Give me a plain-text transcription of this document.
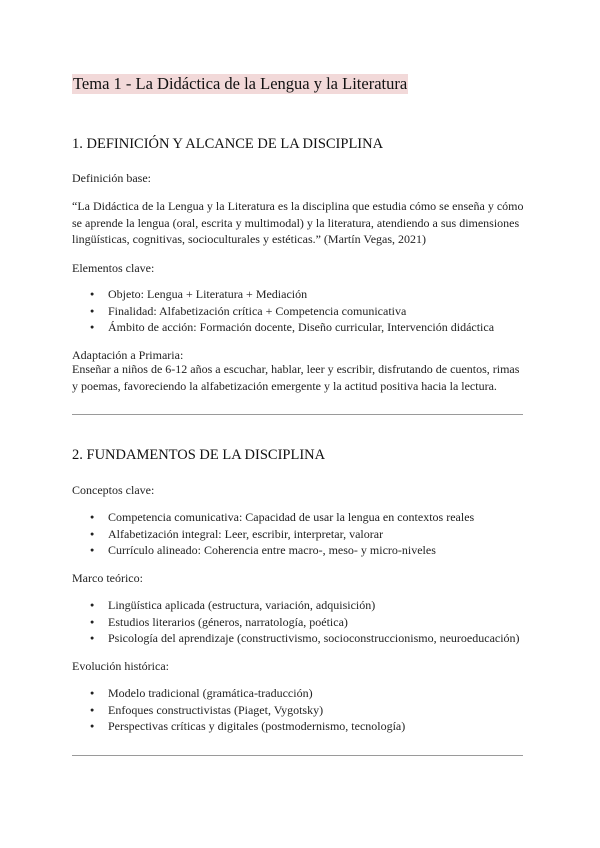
Tema 1 - La Didáctica de la Lengua y la Literatura
1. DEFINICIÓN Y ALCANCE DE LA DISCIPLINA
Definición base:
“La Didáctica de la Lengua y la Literatura es la disciplina que estudia cómo se enseña y cómo se aprende la lengua (oral, escrita y multimodal) y la literatura, atendiendo a sus dimensiones lingüísticas, cognitivas, socioculturales y estéticas.” (Martín Vegas, 2021)
Elementos clave:
● Objeto: Lengua + Literatura + Mediación
● Finalidad: Alfabetización crítica + Competencia comunicativa
● Ámbito de acción: Formación docente, Diseño curricular, Intervención didáctica
Adaptación a Primaria:
Enseñar a niños de 6-12 años a escuchar, hablar, leer y escribir, disfrutando de cuentos, rimas y poemas, favoreciendo la alfabetización emergente y la actitud positiva hacia la lectura.
2. FUNDAMENTOS DE LA DISCIPLINA
Conceptos clave:
● Competencia comunicativa: Capacidad de usar la lengua en contextos reales
● Alfabetización integral: Leer, escribir, interpretar, valorar
● Currículo alineado: Coherencia entre macro-, meso- y micro-niveles
Marco teórico:
● Lingüística aplicada (estructura, variación, adquisición)
● Estudios literarios (géneros, narratología, poética)
● Psicología del aprendizaje (constructivismo, socioconstruccionismo, neuroeducación)
Evolución histórica:
● Modelo tradicional (gramática-traducción)
● Enfoques constructivistas (Piaget, Vygotsky)
● Perspectivas críticas y digitales (postmodernismo, tecnología)
